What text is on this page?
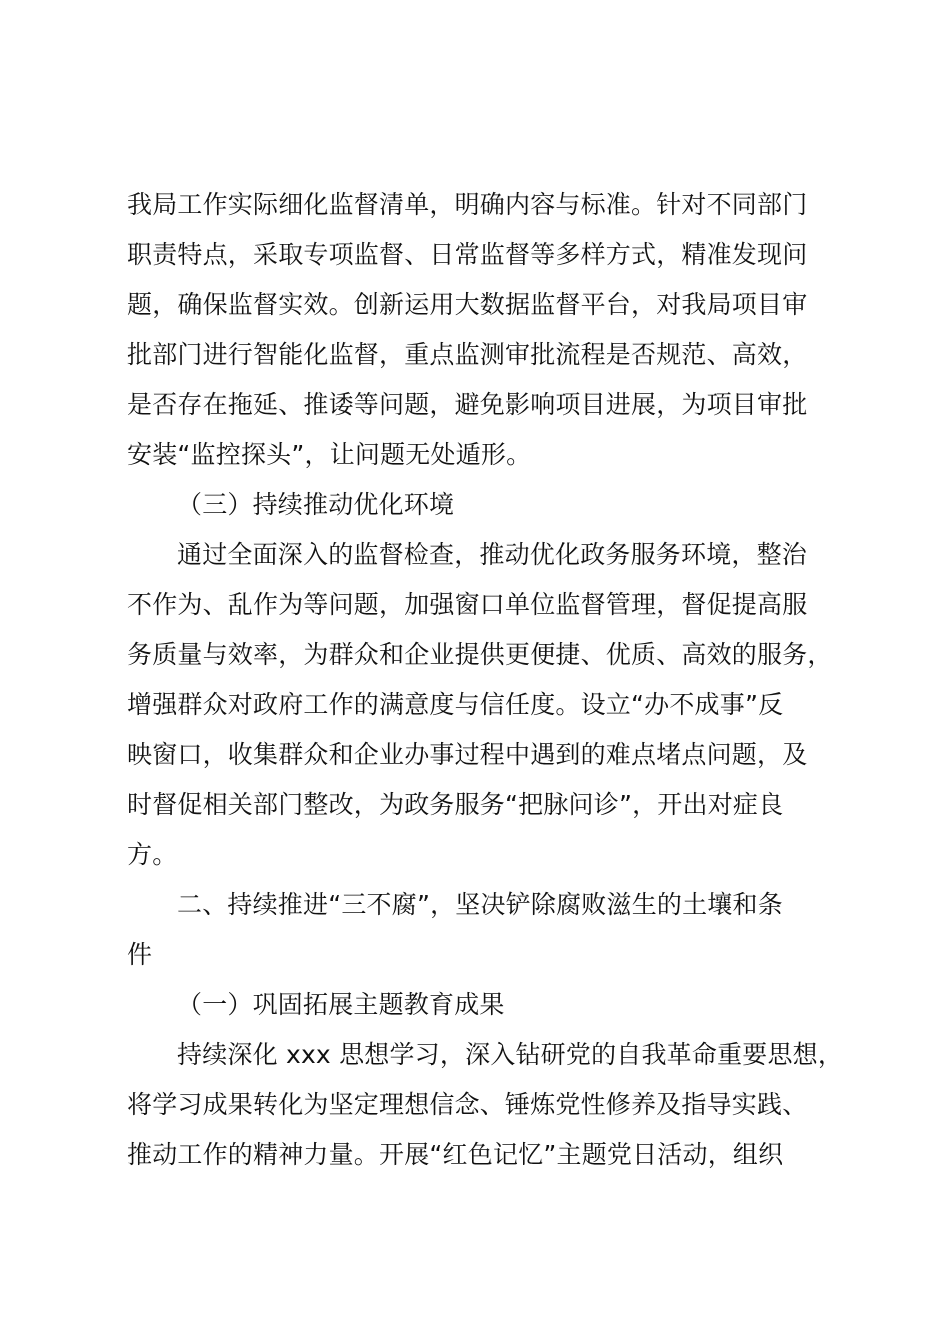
我局工作实际细化监督清单，明确内容与标准。针对不同部门
职责特点，采取专项监督、日常监督等多样方式，精准发现问
题，确保监督实效。创新运用大数据监督平台，对我局项目审
批部门进行智能化监督，重点监测审批流程是否规范、高效，
是否存在拖延、推诿等问题，避免影响项目进展，为项目审批
安装“监控探头”，让问题无处遁形。
（三）持续推动优化环境
通过全面深入的监督检查，推动优化政务服务环境，整治
不作为、乱作为等问题，加强窗口单位监督管理，督促提高服
务质量与效率，为群众和企业提供更便捷、优质、高效的服务，
增强群众对政府工作的满意度与信任度。设立“办不成事”反
映窗口，收集群众和企业办事过程中遇到的难点堵点问题，及
时督促相关部门整改，为政务服务“把脉问诊”，开出对症良
方。
二、持续推进“三不腐”，坚决铲除腐败滋生的土壤和条
件
（一）巩固拓展主题教育成果
持续深化 xxx 思想学习，深入钻研党的自我革命重要思想，
将学习成果转化为坚定理想信念、锤炼党性修养及指导实践、
推动工作的精神力量。开展“红色记忆”主题党日活动，组织
